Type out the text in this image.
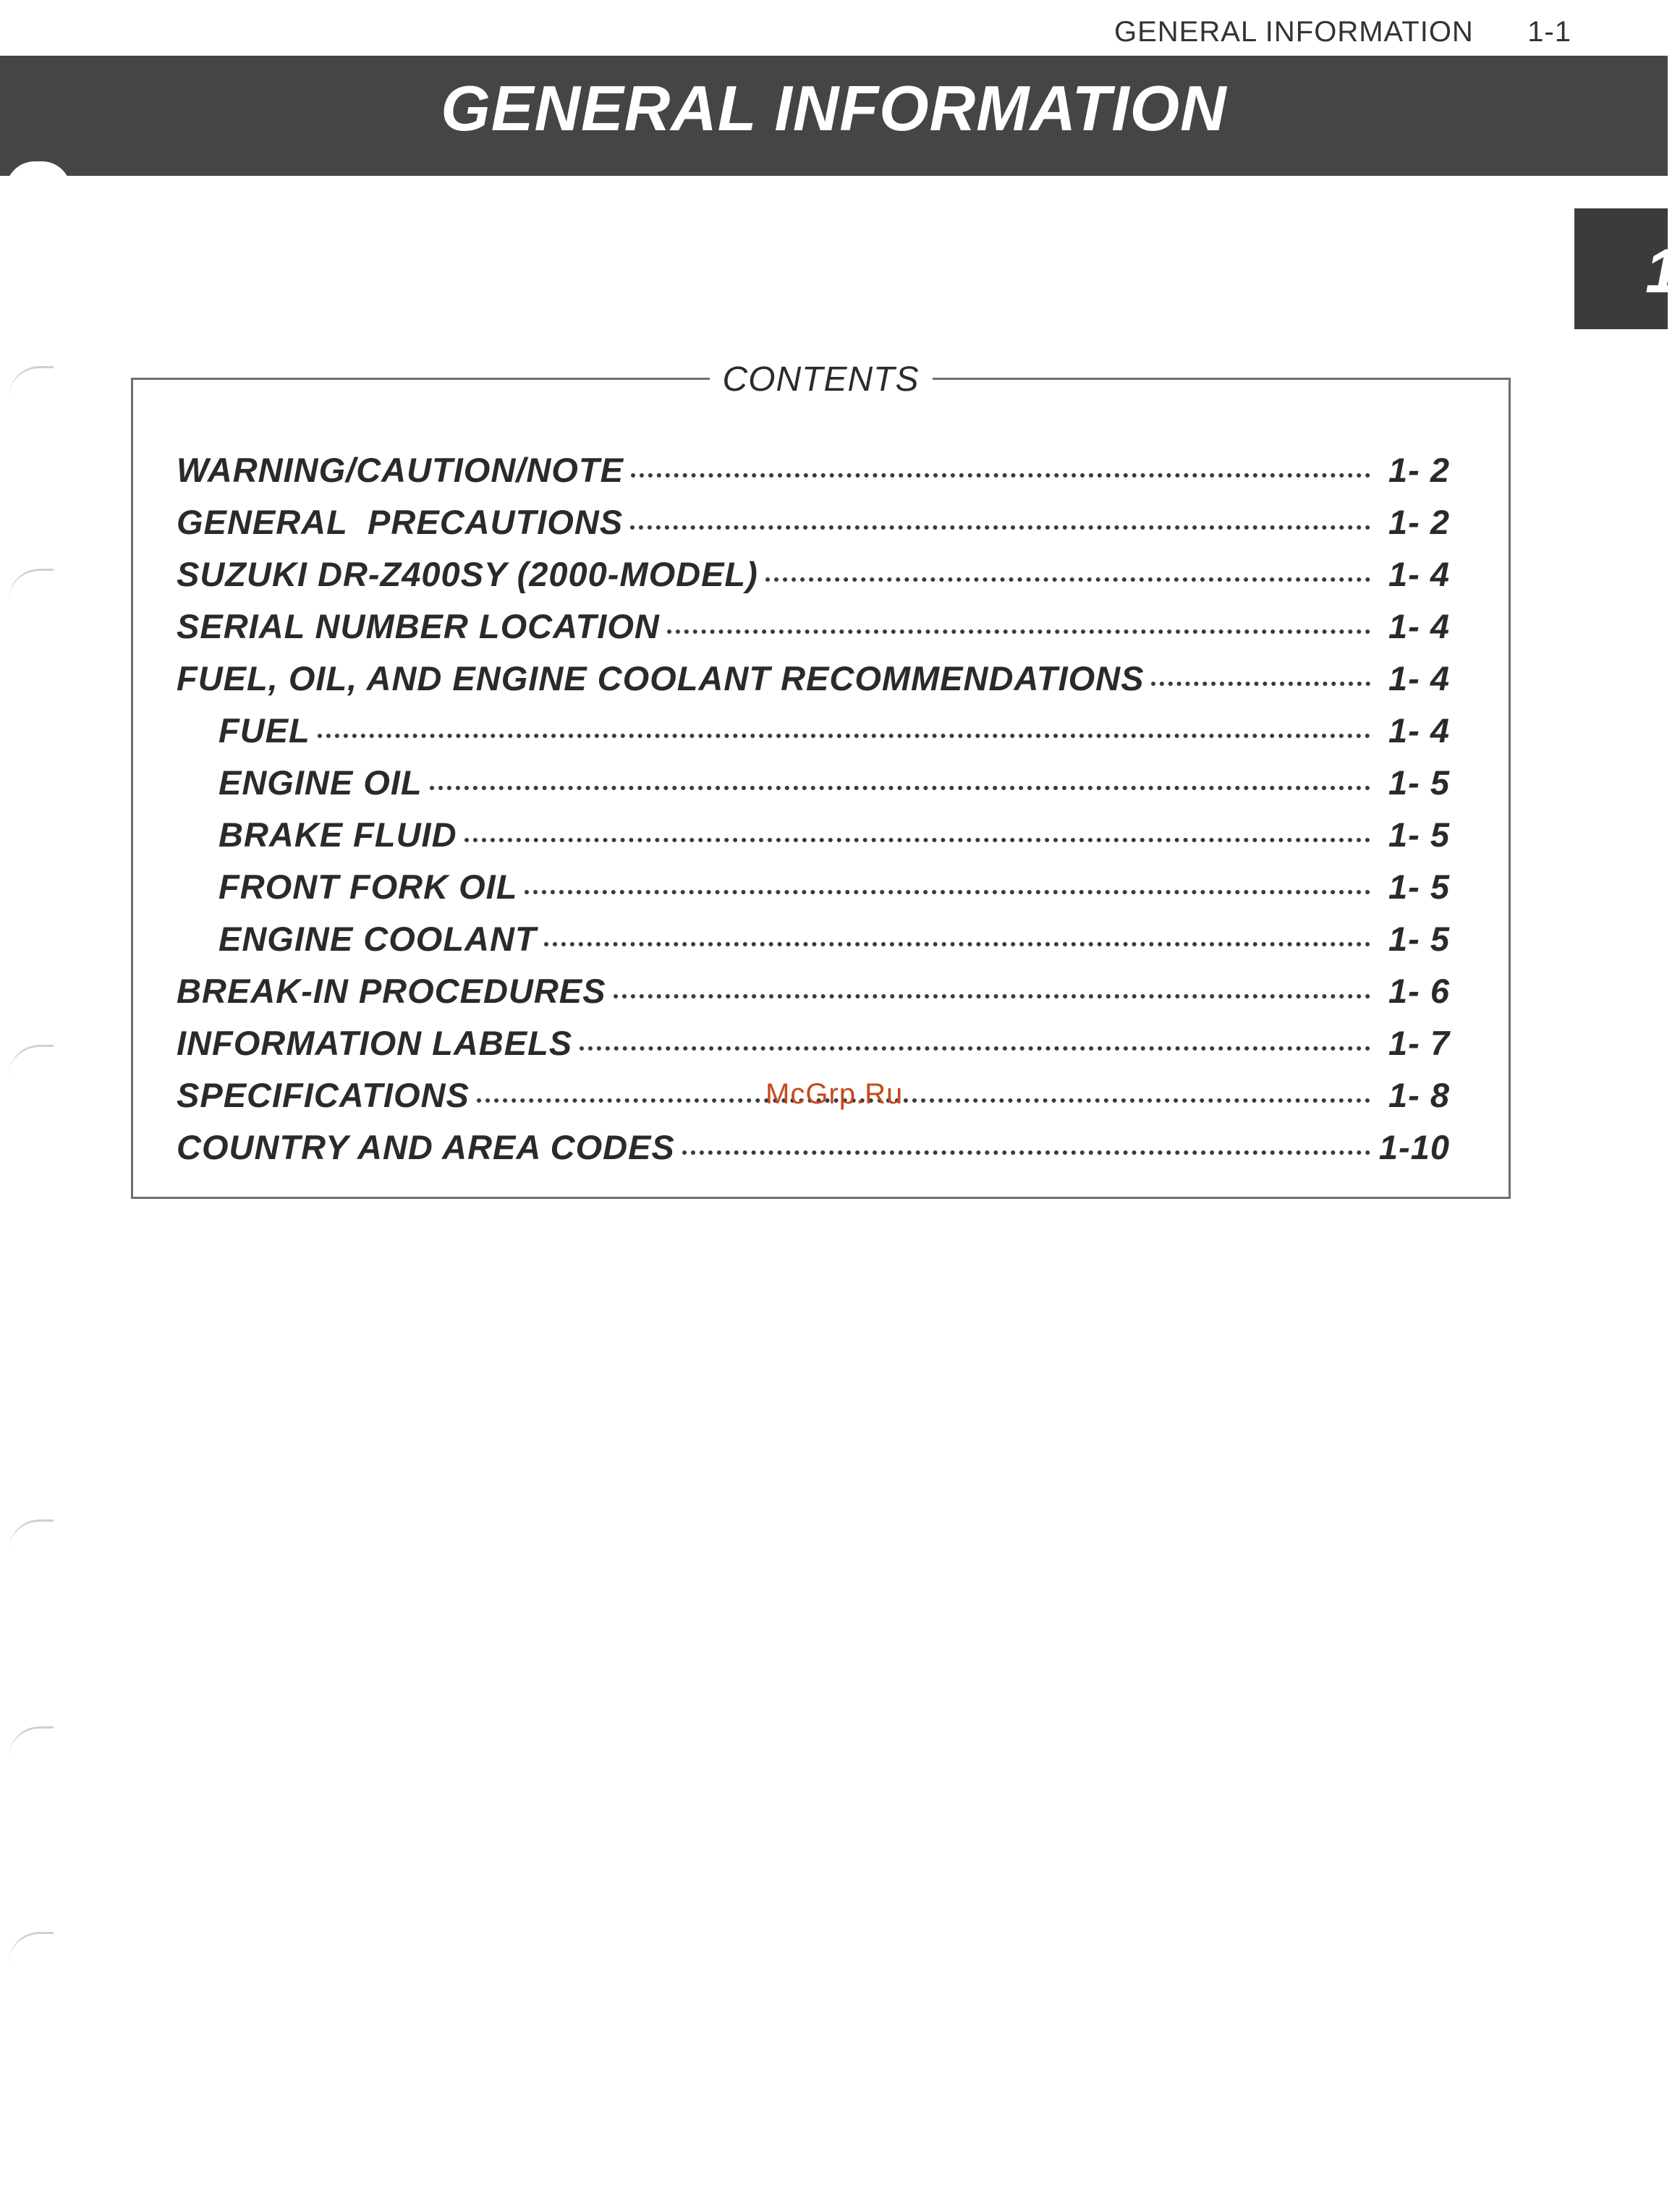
GENERAL INFORMATION 1-1
GENERAL INFORMATION
1
CONTENTS
WARNING/CAUTION/NOTE	1- 2
GENERAL  PRECAUTIONS	1- 2
SUZUKI DR-Z400SY (2000-MODEL)	1- 4
SERIAL NUMBER LOCATION	1- 4
FUEL, OIL, AND ENGINE COOLANT RECOMMENDATIONS	1- 4
FUEL	1- 4
ENGINE OIL	1- 5
BRAKE FLUID	1- 5
FRONT FORK OIL	1- 5
ENGINE COOLANT	1- 5
BREAK-IN PROCEDURES	1- 6
INFORMATION LABELS	1- 7
SPECIFICATIONS	1- 8
COUNTRY AND AREA CODES	1-10
McGrp.Ru
